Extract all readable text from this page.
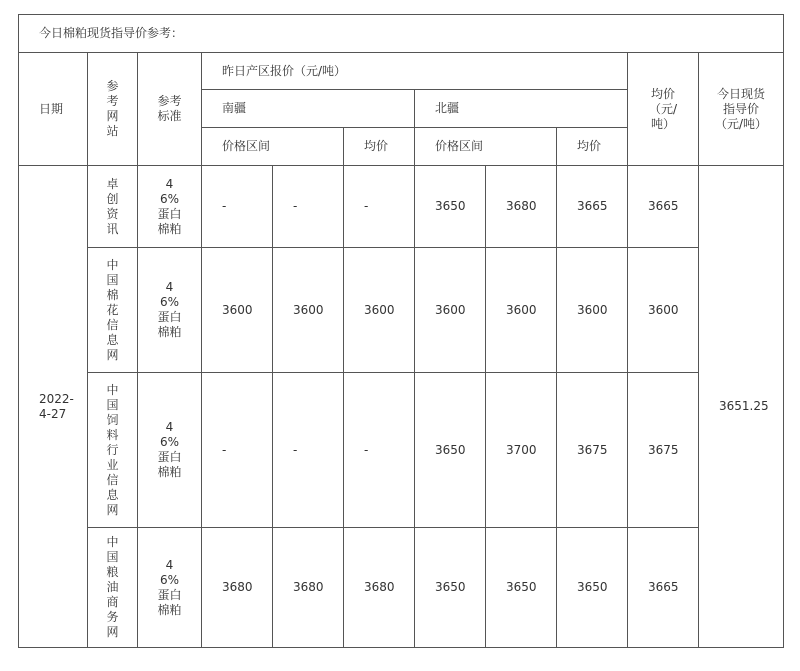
今日棉粕现货指导价参考：										
日期	参考网站	参考标准	昨日产区报价（元/吨）						均价（元/吨）	今日现货指导价（元/吨）

			南疆			北疆				
			价格区间		均价	价格区间		均价		

2022-4-27	卓创资讯	46%蛋白棉粕	-	-	-	3650	3680	3665	3665	3651.25

	中国棉花信息网	46%蛋白棉粕	3600	3600	3600	3600	3600	3600	3600	

	中国饲料行业信息网	46%蛋白棉粕	-	-	-	3650	3700	3675	3675	

	中国粮油商务网	46%蛋白棉粕	3680	3680	3680	3650	3650	3650	3665	
